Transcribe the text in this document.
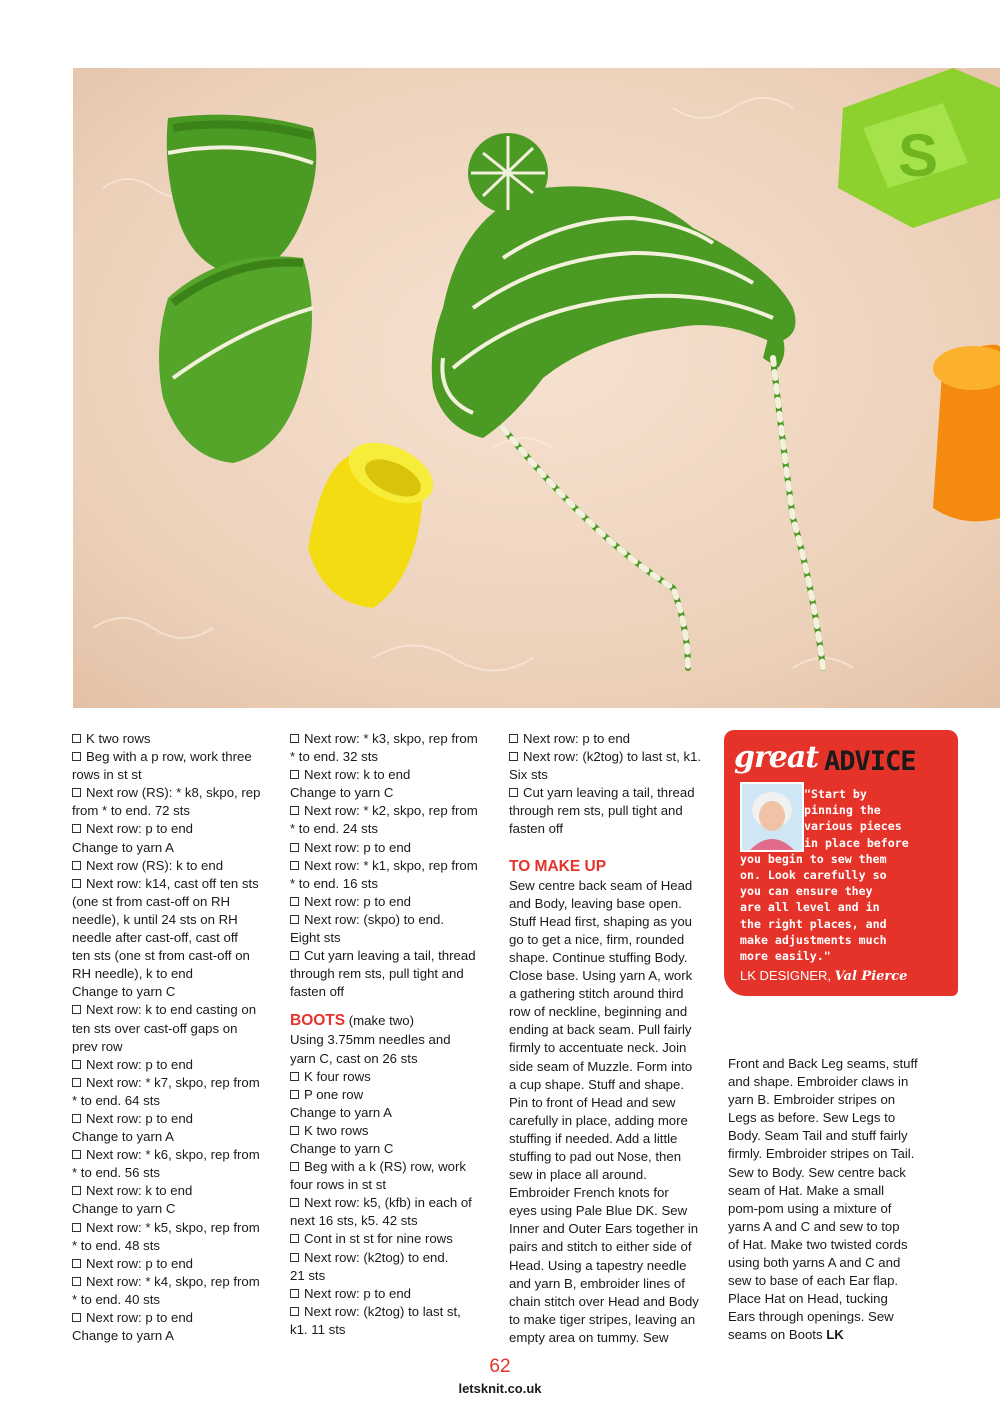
S
K two rows
Beg with a p row, work three
rows in st st
Next row (RS): * k8, skpo, rep
from * to end. 72 sts
Next row: p to end
Change to yarn A
Next row (RS): k to end
Next row: k14, cast off ten sts
(one st from cast-off on RH
needle), k until 24 sts on RH
needle after cast-off, cast off
ten sts (one st from cast-off on
RH needle), k to end
Change to yarn C
Next row: k to end casting on
ten sts over cast-off gaps on
prev row
Next row: p to end
Next row: * k7, skpo, rep from
* to end. 64 sts
Next row: p to end
Change to yarn A
Next row: * k6, skpo, rep from
* to end. 56 sts
Next row: k to end
Change to yarn C
Next row: * k5, skpo, rep from
* to end. 48 sts
Next row: p to end
Next row: * k4, skpo, rep from
* to end. 40 sts
Next row: p to end
Change to yarn A
Next row: * k3, skpo, rep from
* to end. 32 sts
Next row: k to end
Change to yarn C
Next row: * k2, skpo, rep from
* to end. 24 sts
Next row: p to end
Next row: * k1, skpo, rep from
* to end. 16 sts
Next row: p to end
Next row: (skpo) to end.
Eight sts
Cut yarn leaving a tail, thread
through rem sts, pull tight and
fasten off
BOOTS (make two)
Using 3.75mm needles and
yarn C, cast on 26 sts
K four rows
P one row
Change to yarn A
K two rows
Change to yarn C
Beg with a k (RS) row, work
four rows in st st
Next row: k5, (kfb) in each of
next 16 sts, k5. 42 sts
Cont in st st for nine rows
Next row: (k2tog) to end.
21 sts
Next row: p to end
Next row: (k2tog) to last st,
k1. 11 sts
Next row: p to end
Next row: (k2tog) to last st, k1.
Six sts
Cut yarn leaving a tail, thread
through rem sts, pull tight and
fasten off
TO MAKE UP
Sew centre back seam of Head
and Body, leaving base open.
Stuff Head first, shaping as you
go to get a nice, firm, rounded
shape. Continue stuffing Body.
Close base. Using yarn A, work
a gathering stitch around third
row of neckline, beginning and
ending at back seam. Pull fairly
firmly to accentuate neck. Join
side seam of Muzzle. Form into
a cup shape. Stuff and shape.
Pin to front of Head and sew
carefully in place, adding more
stuffing if needed. Add a little
stuffing to pad out Nose, then
sew in place all around.
Embroider French knots for
eyes using Pale Blue DK. Sew
Inner and Outer Ears together in
pairs and stitch to either side of
Head. Using a tapestry needle
and yarn B, embroider lines of
chain stitch over Head and Body
to make tiger stripes, leaving an
empty area on tummy. Sew
great ADVICE
"Start by
pinning the
various pieces
in place before
you begin to sew them
on. Look carefully so
you can ensure they
are all level and in
the right places, and
make adjustments much
more easily."
LK DESIGNER, Val Pierce
Front and Back Leg seams, stuff
and shape. Embroider claws in
yarn B. Embroider stripes on
Legs as before. Sew Legs to
Body. Seam Tail and stuff fairly
firmly. Embroider stripes on Tail.
Sew to Body. Sew centre back
seam of Hat. Make a small
pom-pom using a mixture of
yarns A and C and sew to top
of Hat. Make two twisted cords
using both yarns A and C and
sew to base of each Ear flap.
Place Hat on Head, tucking
Ears through openings. Sew
seams on Boots LK
62
letsknit.co.uk
